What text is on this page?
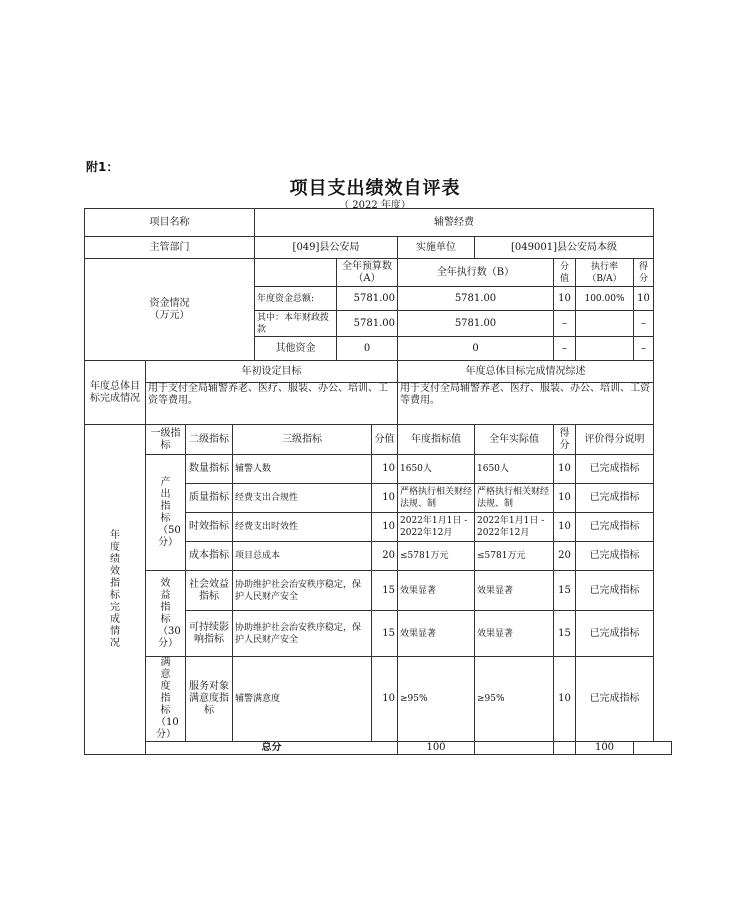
附1：
项目支出绩效自评表
（ 2022 年度）
项目名称				辅警经费							
主管部门				[049]县公安局			实施单位	[049001]县公安局本级			
资金情况
（万元）					全年预算数（A）		全年执行数（B）		分值	执行率（B/A）	得分
				年度资金总额:	5781.00		5781.00		10	100.00%	10
				其中：本年财政拨款	5781.00		5781.00		–		–
				其他资金	0		0		–		–
年度总体目标完成情况	年初设定目标						年度总体目标完成情况综述				
	用于支付全局辅警养老、医疗、服装、办公、培训、工资等费用。						用于支付全局辅警养老、医疗、服装、办公、培训、工资等费用。				
年度绩效指标完成情况	一级指标	二级指标	三级指标			分值	年度指标值	全年实际值	得分	评价得分说明	
	产出指标（50分）	数量指标	辅警人数			10	1650人	1650人	10	已完成指标	
		质量指标	经费支出合规性			10	严格执行相关财经法规、制	严格执行相关财经法规、制	10	已完成指标	
		时效指标	经费支出时效性			10	2022年1月1日 - 2022年12月	2022年1月1日 - 2022年12月	10	已完成指标	
		成本指标	项目总成本			20	≤5781万元	≤5781万元	20	已完成指标	
	效益指标（30分）	社会效益指标	协助维护社会治安秩序稳定，保护人民财产安全			15	效果显著	效果显著	15	已完成指标	
		可持续影响指标	协助维护社会治安秩序稳定，保护人民财产安全			15	效果显著	效果显著	15	已完成指标	
	满意度指标（10分）	服务对象满意度指标	辅警满意度			10	≥95%	≥95%	10	已完成指标	
	总分						100			100	
